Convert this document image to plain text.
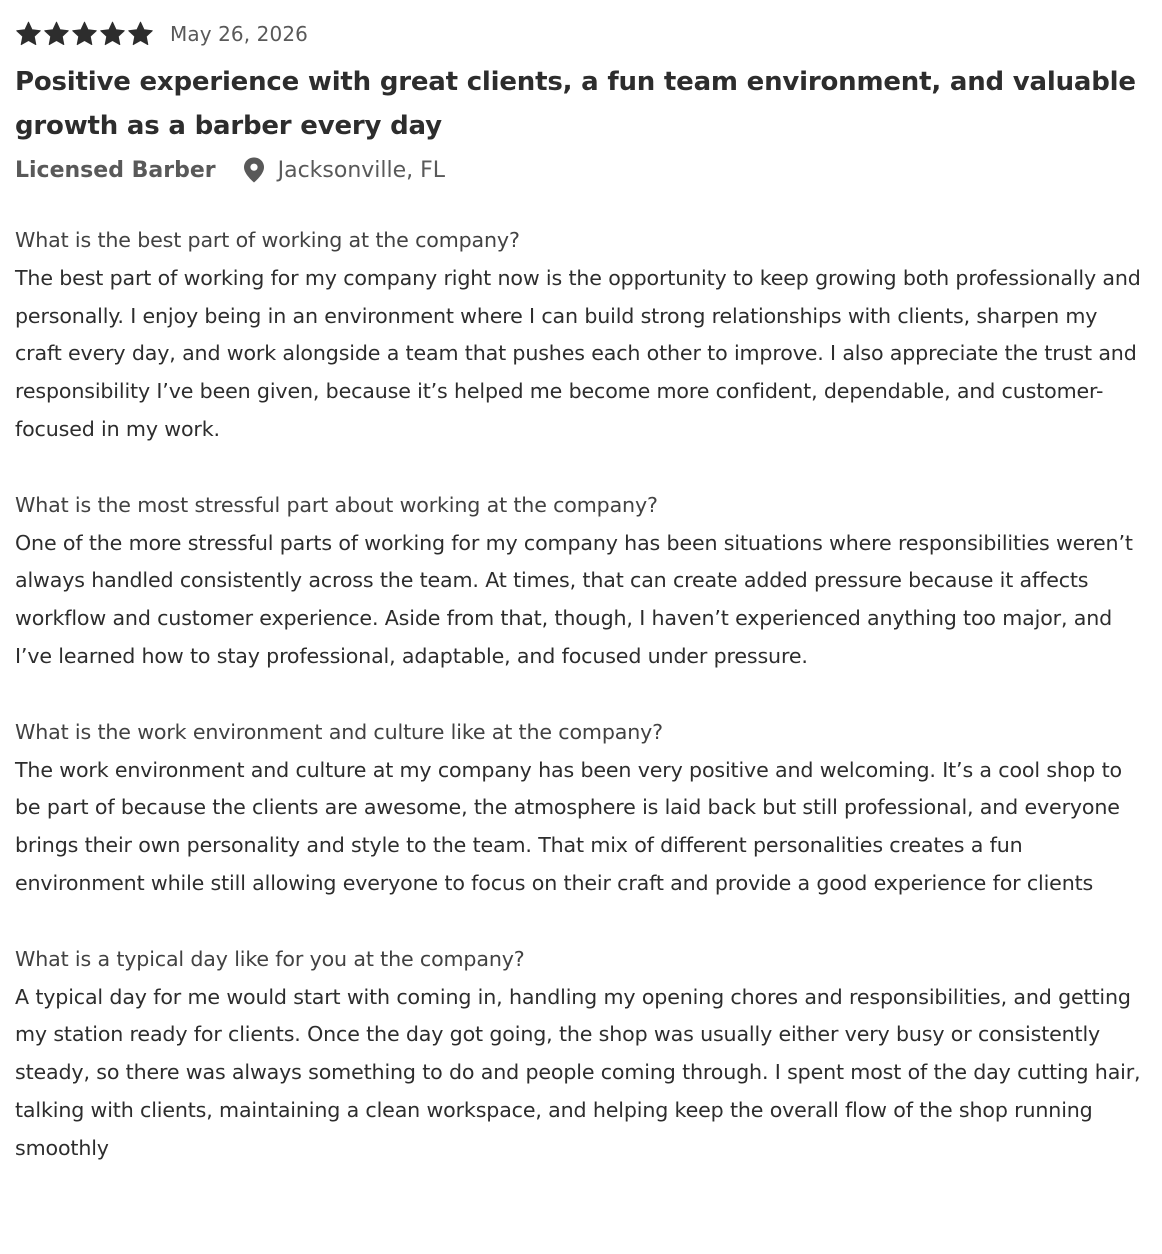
May 26, 2026
Positive experience with great clients, a fun team environment, and valuable growth as a barber every day
Licensed Barber	Jacksonville, FL

What is the best part of working at the company?

The best part of working for my company right now is the opportunity to keep growing both professionally and personally. I enjoy being in an environment where I can build strong relationships with clients, sharpen my craft every day, and work alongside a team that pushes each other to improve. I also appreciate the trust and responsibility I’ve been given, because it’s helped me become more confident, dependable, and customer-focused in my work.

What is the most stressful part about working at the company?

One of the more stressful parts of working for my company has been situations where responsibilities weren’t always handled consistently across the team. At times, that can create added pressure because it affects workflow and customer experience. Aside from that, though, I haven’t experienced anything too major, and I’ve learned how to stay professional, adaptable, and focused under pressure.

What is the work environment and culture like at the company?

The work environment and culture at my company has been very positive and welcoming. It’s a cool shop to be part of because the clients are awesome, the atmosphere is laid back but still professional, and everyone brings their own personality and style to the team. That mix of different personalities creates a fun environment while still allowing everyone to focus on their craft and provide a good experience for clients

What is a typical day like for you at the company?

A typical day for me would start with coming in, handling my opening chores and responsibilities, and getting my station ready for clients. Once the day got going, the shop was usually either very busy or consistently steady, so there was always something to do and people coming through. I spent most of the day cutting hair, talking with clients, maintaining a clean workspace, and helping keep the overall flow of the shop running smoothly
